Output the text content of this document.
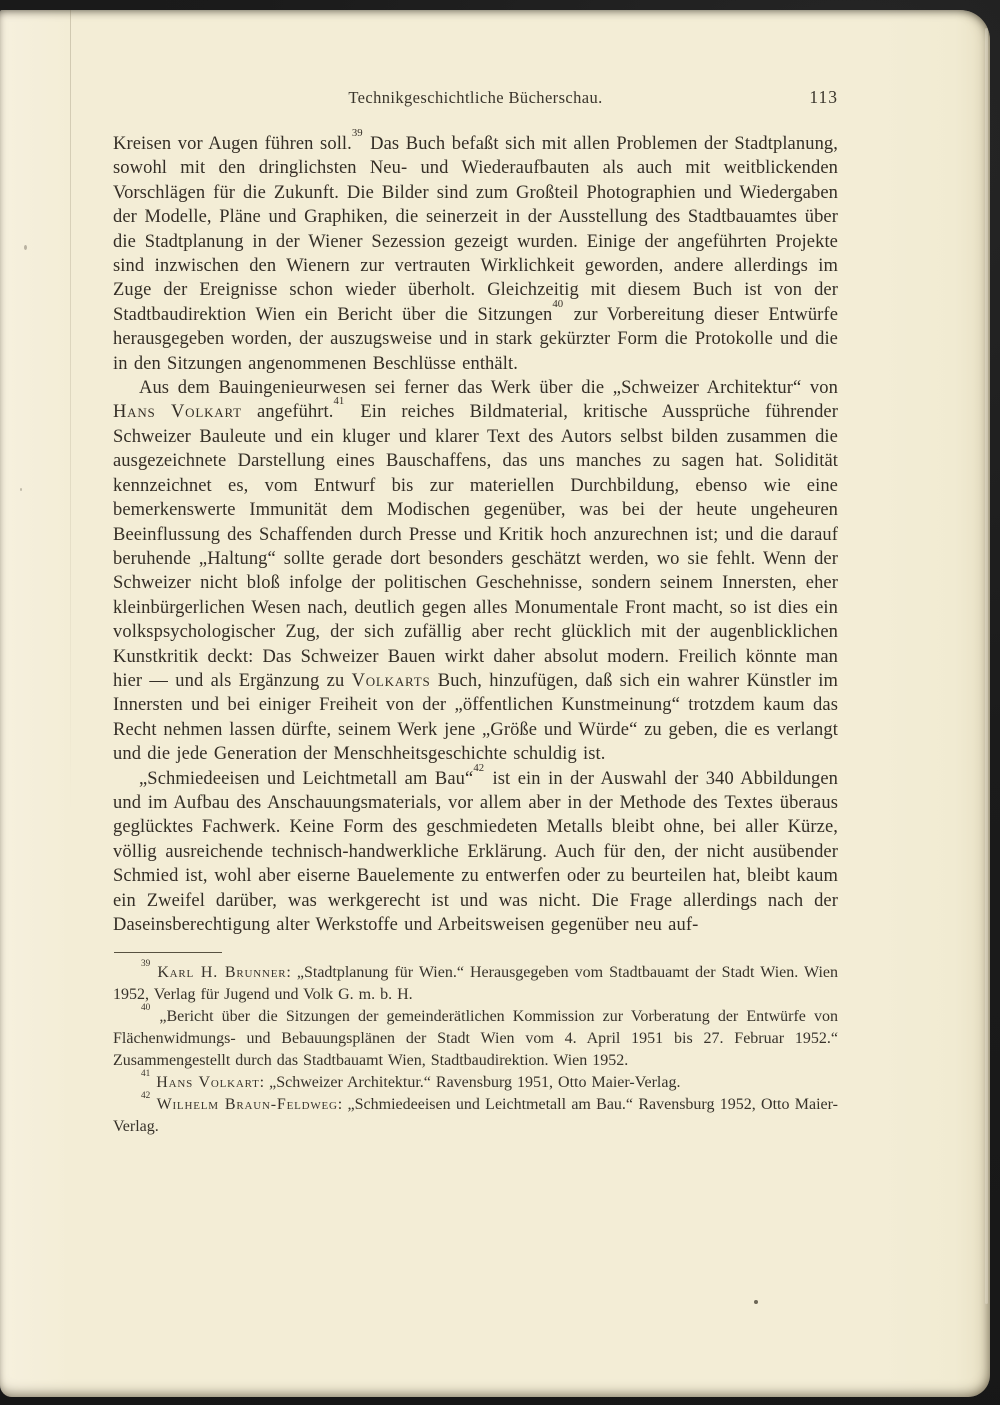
Technikgeschichtliche Bücherschau.	113

Kreisen vor Augen führen soll.$^{39}$ Das Buch befaßt sich mit allen Problemen der Stadtplanung, sowohl mit den dringlichsten Neu- und Wiederaufbauten als auch mit weitblickenden Vorschlägen für die Zukunft. Die Bilder sind zum Großteil Photographien und Wiedergaben der Modelle, Pläne und Graphiken, die seinerzeit in der Ausstellung des Stadtbauamtes über die Stadtplanung in der Wiener Sezession gezeigt wurden. Einige der angeführten Projekte sind inzwischen den Wienern zur vertrauten Wirklichkeit geworden, andere allerdings im Zuge der Ereignisse schon wieder überholt. Gleichzeitig mit diesem Buch ist von der Stadtbaudirektion Wien ein Bericht über die Sitzungen$^{40}$ zur Vorbereitung dieser Entwürfe herausgegeben worden, der auszugsweise und in stark gekürzter Form die Protokolle und die in den Sitzungen angenommenen Beschlüsse enthält.

Aus dem Bauingenieurwesen sei ferner das Werk über die „Schweizer Architektur“ von Hans Volkart angeführt.$^{41}$ Ein reiches Bildmaterial, kritische Aussprüche führender Schweizer Bauleute und ein kluger und klarer Text des Autors selbst bilden zusammen die ausgezeichnete Darstellung eines Bauschaffens, das uns manches zu sagen hat. Solidität kennzeichnet es, vom Entwurf bis zur materiellen Durchbildung, ebenso wie eine bemerkenswerte Immunität dem Modischen gegenüber, was bei der heute ungeheuren Beeinflussung des Schaffenden durch Presse und Kritik hoch anzurechnen ist; und die darauf beruhende „Haltung“ sollte gerade dort besonders geschätzt werden, wo sie fehlt. Wenn der Schweizer nicht bloß infolge der politischen Geschehnisse, sondern seinem Innersten, eher kleinbürgerlichen Wesen nach, deutlich gegen alles Monumentale Front macht, so ist dies ein volkspsychologischer Zug, der sich zufällig aber recht glücklich mit der augenblicklichen Kunstkritik deckt: Das Schweizer Bauen wirkt daher absolut modern. Freilich könnte man hier — und als Ergänzung zu Volkarts Buch, hinzufügen, daß sich ein wahrer Künstler im Innersten und bei einiger Freiheit von der „öffentlichen Kunstmeinung“ trotzdem kaum das Recht nehmen lassen dürfte, seinem Werk jene „Größe und Würde“ zu geben, die es verlangt und die jede Generation der Menschheitsgeschichte schuldig ist.

„Schmiedeeisen und Leichtmetall am Bau“$^{42}$ ist ein in der Auswahl der 340 Abbildungen und im Aufbau des Anschauungsmaterials, vor allem aber in der Methode des Textes überaus geglücktes Fachwerk. Keine Form des geschmiedeten Metalls bleibt ohne, bei aller Kürze, völlig ausreichende technisch-handwerkliche Erklärung. Auch für den, der nicht ausübender Schmied ist, wohl aber eiserne Bauelemente zu entwerfen oder zu beurteilen hat, bleibt kaum ein Zweifel darüber, was werkgerecht ist und was nicht. Die Frage allerdings nach der Daseinsberechtigung alter Werkstoffe und Arbeitsweisen gegenüber neu auf-

$^{39}$ Karl H. Brunner: „Stadtplanung für Wien.“ Herausgegeben vom Stadtbauamt der Stadt Wien. Wien 1952, Verlag für Jugend und Volk G. m. b. H.

$^{40}$ „Bericht über die Sitzungen der gemeinderätlichen Kommission zur Vorberatung der Entwürfe von Flächenwidmungs- und Bebauungsplänen der Stadt Wien vom 4. April 1951 bis 27. Februar 1952.“ Zusammengestellt durch das Stadtbauamt Wien, Stadtbaudirektion. Wien 1952.

$^{41}$ Hans Volkart: „Schweizer Architektur.“ Ravensburg 1951, Otto Maier-Verlag.

$^{42}$ Wilhelm Braun-Feldweg: „Schmiedeeisen und Leichtmetall am Bau.“ Ravensburg 1952, Otto Maier-Verlag.
